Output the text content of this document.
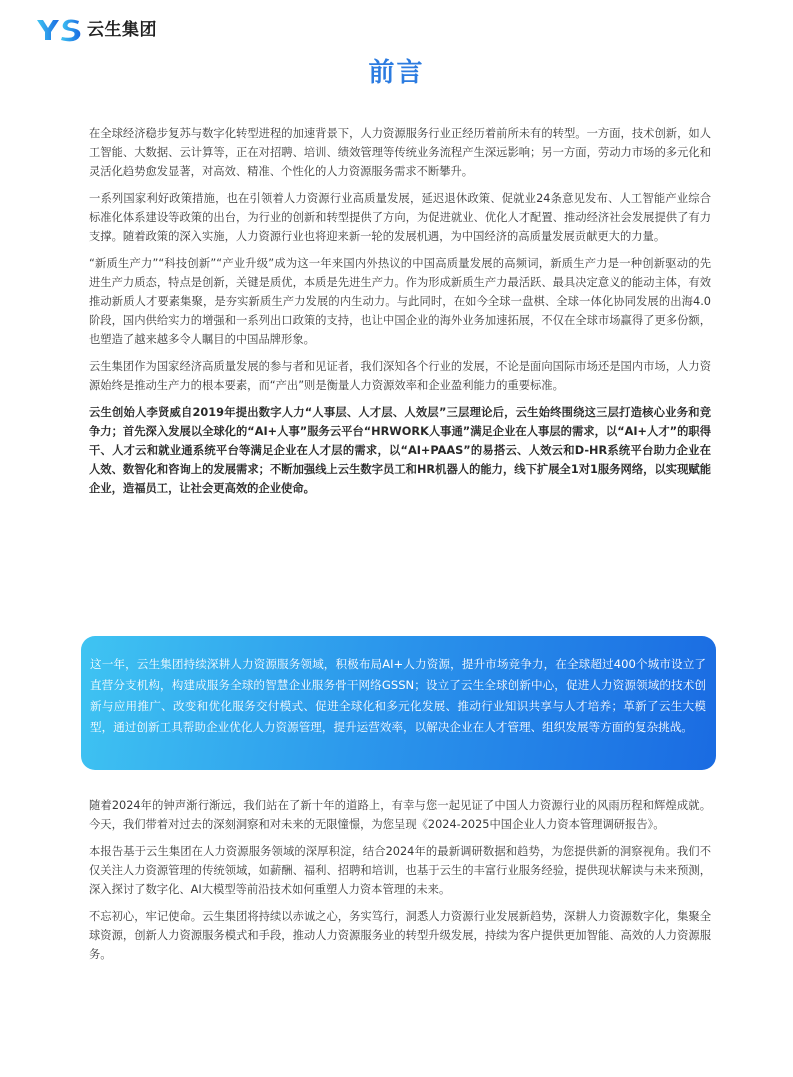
云生集团
前言

在全球经济稳步复苏与数字化转型进程的加速背景下，人力资源服务行业正经历着前所未有的转型。一方面，技术创新，如人工智能、大数据、云计算等，正在对招聘、培训、绩效管理等传统业务流程产生深远影响；另一方面，劳动力市场的多元化和灵活化趋势愈发显著，对高效、精准、个性化的人力资源服务需求不断攀升。

一系列国家利好政策措施，也在引领着人力资源行业高质量发展，延迟退休政策、促就业24条意见发布、人工智能产业综合标准化体系建设等政策的出台，为行业的创新和转型提供了方向，为促进就业、优化人才配置、推动经济社会发展提供了有力支撑。随着政策的深入实施，人力资源行业也将迎来新一轮的发展机遇，为中国经济的高质量发展贡献更大的力量。

“新质生产力”“科技创新”“产业升级”成为这一年来国内外热议的中国高质量发展的高频词，新质生产力是一种创新驱动的先进生产力质态，特点是创新，关键是质优，本质是先进生产力。作为形成新质生产力最活跃、最具决定意义的能动主体，有效推动新质人才要素集聚，是夯实新质生产力发展的内生动力。与此同时，在如今全球一盘棋、全球一体化协同发展的出海4.0阶段，国内供给实力的增强和一系列出口政策的支持，也让中国企业的海外业务加速拓展，不仅在全球市场赢得了更多份额，也塑造了越来越多令人瞩目的中国品牌形象。

云生集团作为国家经济高质量发展的参与者和见证者，我们深知各个行业的发展，不论是面向国际市场还是国内市场，人力资源始终是推动生产力的根本要素，而“产出”则是衡量人力资源效率和企业盈利能力的重要标准。

云生创始人李贤威自2019年提出数字人力“人事层、人才层、人效层”三层理论后，云生始终围绕这三层打造核心业务和竞争力；首先深入发展以全球化的“AI+人事”服务云平台“HRWORK人事通”满足企业在人事层的需求，以“AI+人才”的职得干、人才云和就业通系统平台等满足企业在人才层的需求，以“AI+PAAS”的易搭云、人效云和D-HR系统平台助力企业在人效、数智化和咨询上的发展需求；不断加强线上云生数字员工和HR机器人的能力，线下扩展全1对1服务网络，以实现赋能企业，造福员工，让社会更高效的企业使命。

这一年，云生集团持续深耕人力资源服务领域，积极布局AI+人力资源，提升市场竞争力，在全球超过400个城市设立了直营分支机构，构建成服务全球的智慧企业服务骨干网络GSSN；设立了云生全球创新中心，促进人力资源领域的技术创新与应用推广、改变和优化服务交付模式、促进全球化和多元化发展、推动行业知识共享与人才培养；革新了云生大模型，通过创新工具帮助企业优化人力资源管理，提升运营效率，以解决企业在人才管理、组织发展等方面的复杂挑战。

随着2024年的钟声渐行渐远，我们站在了新十年的道路上，有幸与您一起见证了中国人力资源行业的风雨历程和辉煌成就。今天，我们带着对过去的深刻洞察和对未来的无限憧憬，为您呈现《2024-2025中国企业人力资本管理调研报告》。

本报告基于云生集团在人力资源服务领域的深厚积淀，结合2024年的最新调研数据和趋势，为您提供新的洞察视角。我们不仅关注人力资源管理的传统领域，如薪酬、福利、招聘和培训，也基于云生的丰富行业服务经验，提供现状解读与未来预测，深入探讨了数字化、AI大模型等前沿技术如何重塑人力资本管理的未来。

不忘初心，牢记使命。云生集团将持续以赤诚之心，务实笃行，洞悉人力资源行业发展新趋势，深耕人力资源数字化，集聚全球资源，创新人力资源服务模式和手段，推动人力资源服务业的转型升级发展，持续为客户提供更加智能、高效的人力资源服务。
